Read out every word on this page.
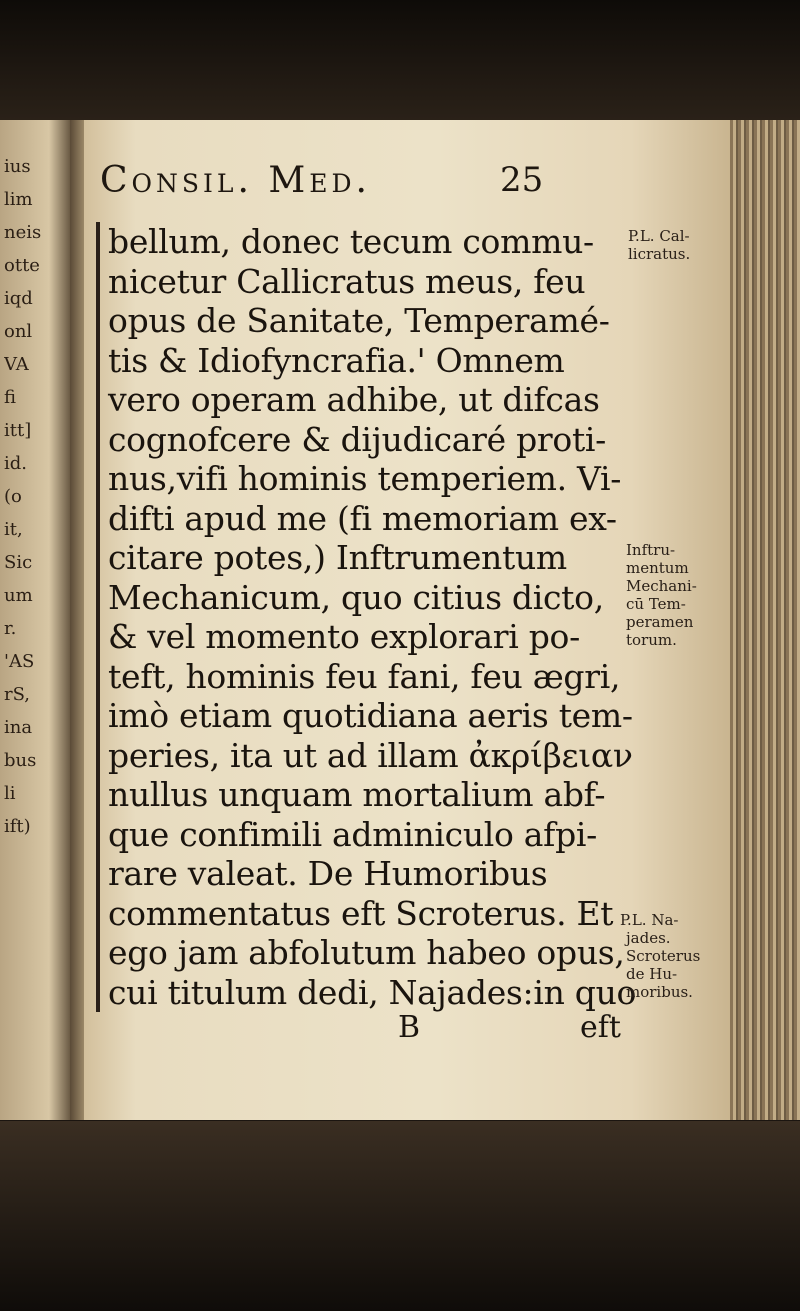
ius
lim
neis
otte
iqd
onl
VA
fi
itt]
id.
(o
it,
Sic
um
r.
'AS
rS,
ina
bus
li
ift)
Consil. Med.	25
bellum, donec tecum commu-
nicetur Callicratus meus, feu
opus de Sanitate, Temperamé-
tis & Idiofyncrafia.' Omnem
vero operam adhibe, ut difcas
cognofcere & dijudicaré proti-
nus,vifi hominis temperiem. Vi-
difti apud me (fi memoriam ex-
citare potes,) Inftrumentum
Mechanicum, quo citius dicto,
& vel momento explorari po-
teft, hominis feu fani, feu ægri,
imò etiam quotidiana aeris tem-
peries, ita ut ad illam ἀκρίβειαν
nullus unquam mortalium abf-
que confimili adminiculo afpi-
rare valeat. De Humoribus
commentatus eft Scroterus. Et
ego jam abfolutum habeo opus,
cui titulum dedi, Najades:in quo
P.L. Cal-
licratus.
Inftru-
mentum
Mechani-
cū Tem-
peramen
torum.
P.L. Na-
jades.
Scroterus
de Hu-
moribus.
B	eft
